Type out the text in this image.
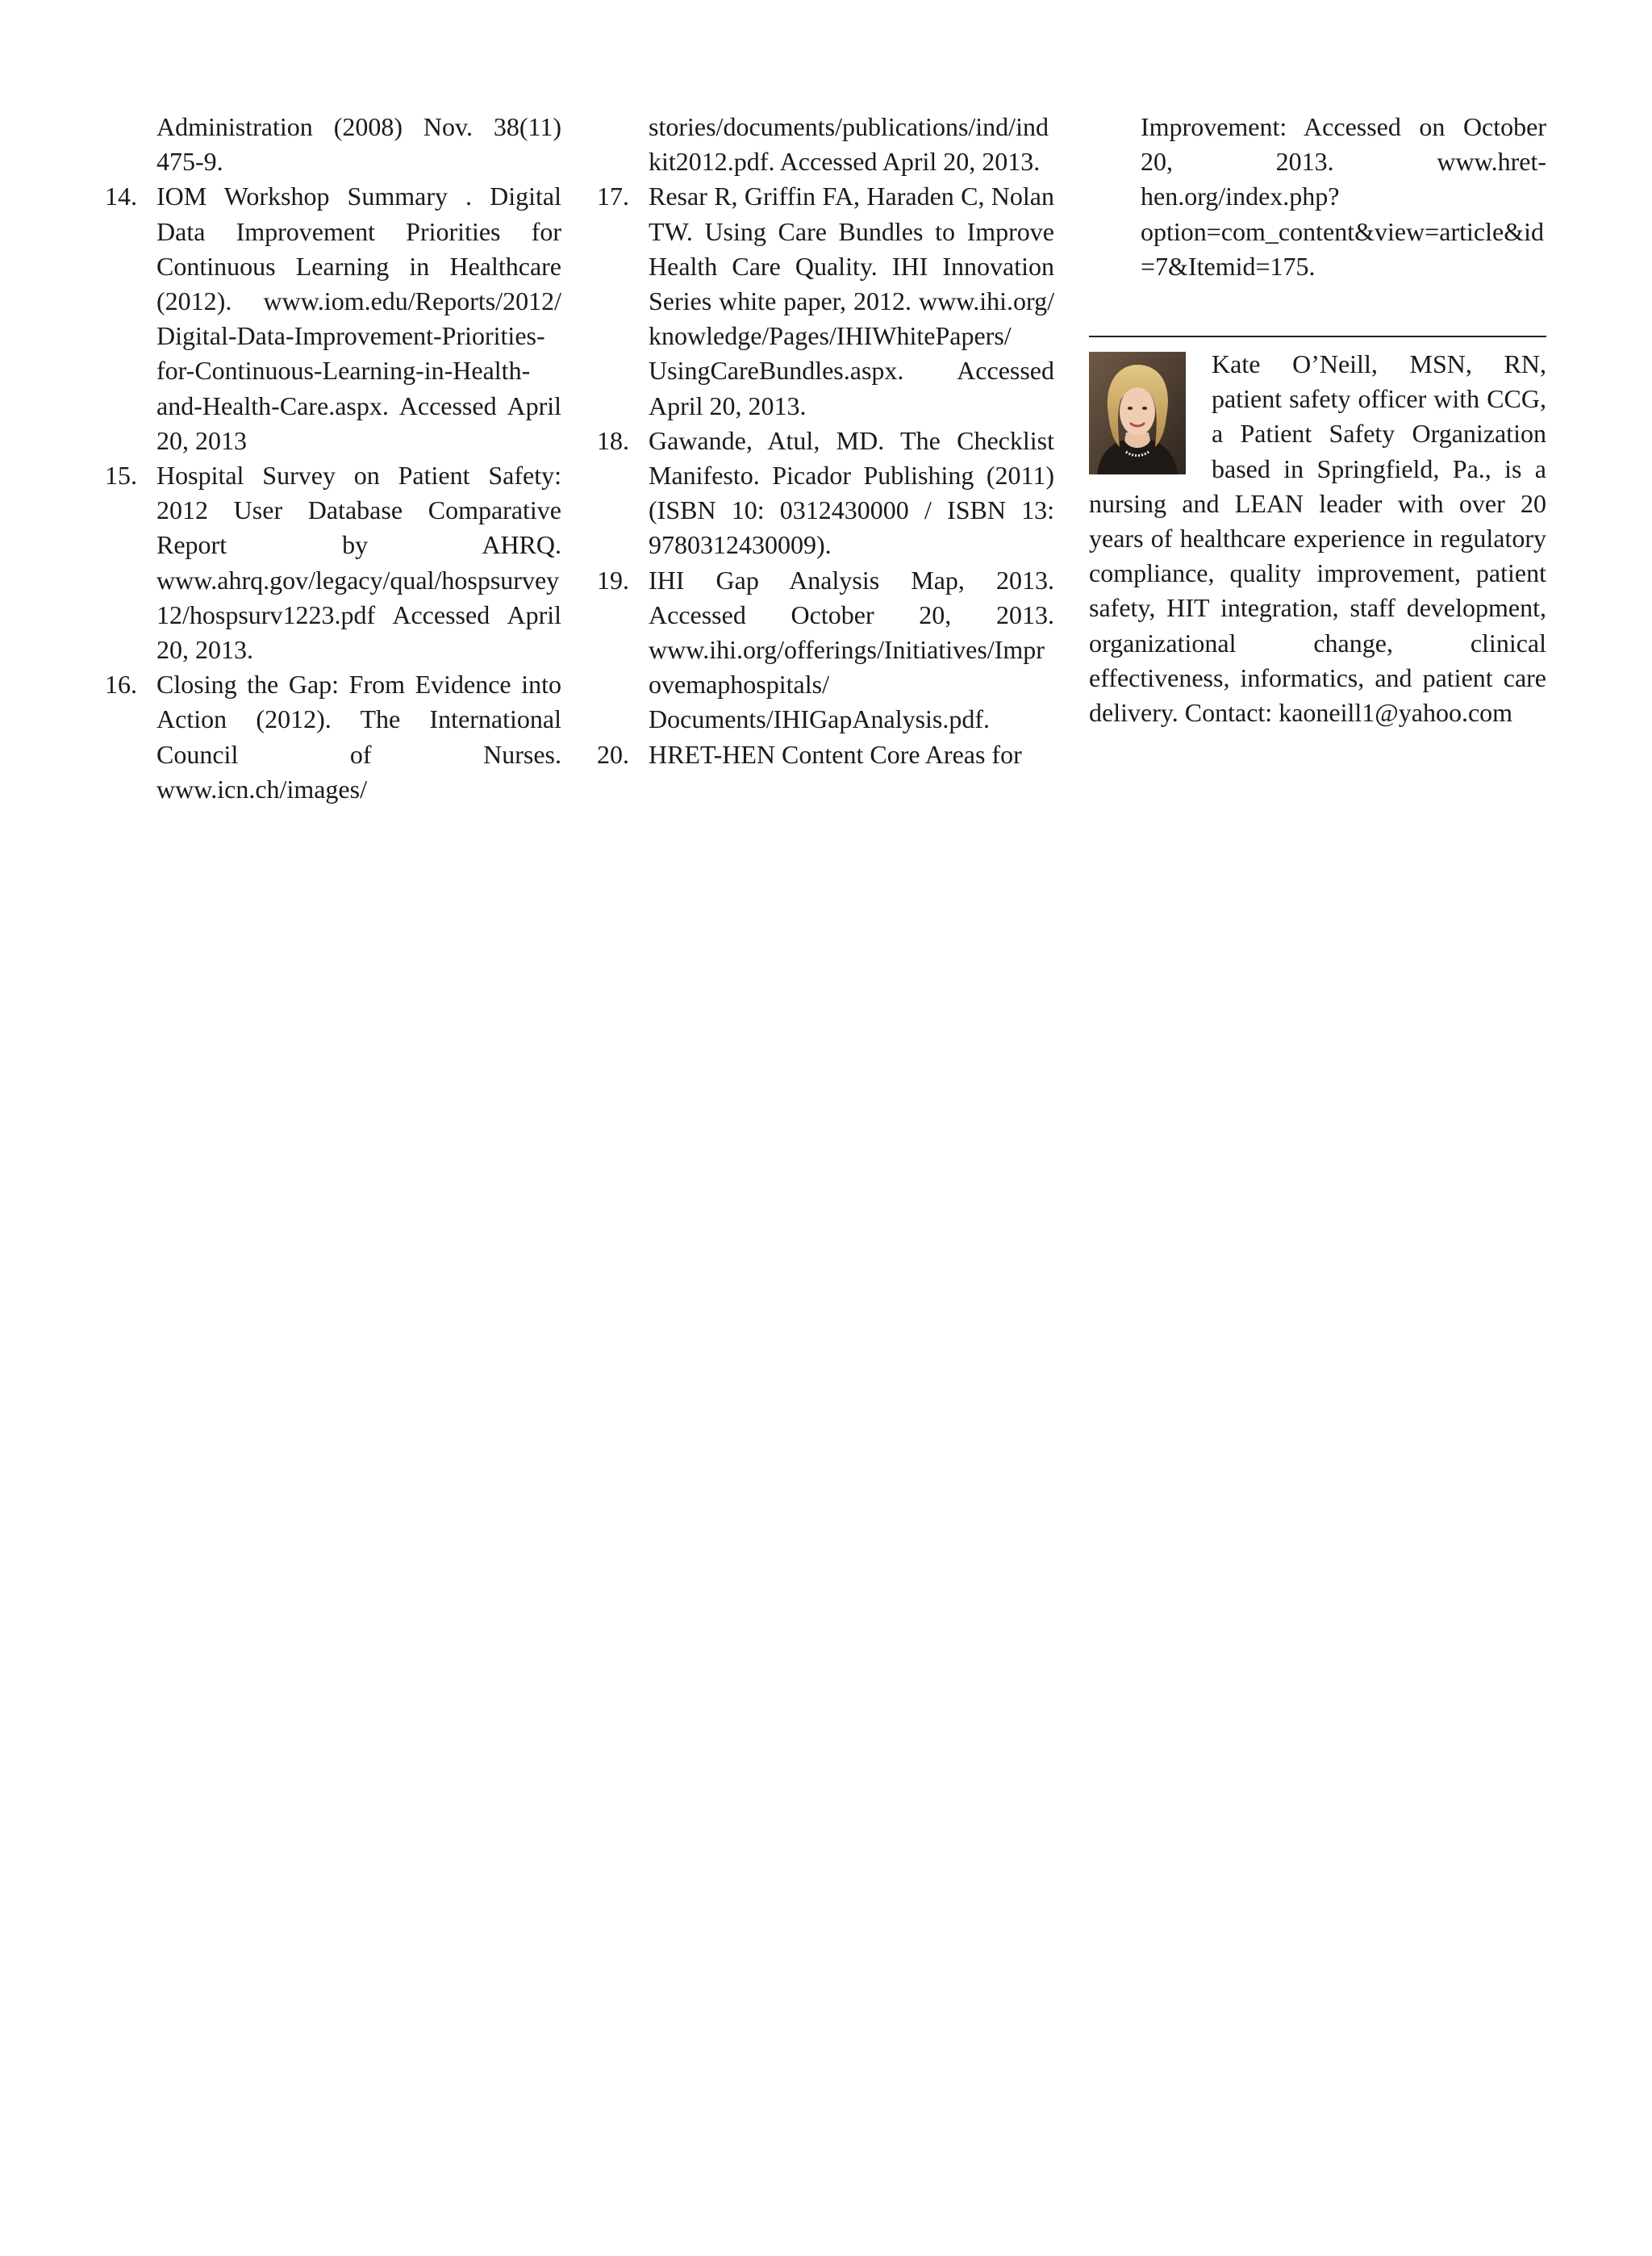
Administration (2008) Nov. 38(11) 475-9.

14. IOM Workshop Summary . Digital Data Improvement Priorities for Continuous Learning in Healthcare (2012). www.iom.edu/Reports/2012/ Digital-Data-Improvement-Priorities-for-Continuous-Learning-in-Health-and-Health-Care.aspx. Accessed April 20, 2013
15. Hospital Survey on Patient Safety: 2012 User Database Comparative Report by AHRQ. www.ahrq.gov/legacy/qual/hospsurvey12/hospsurv1223.pdf Accessed April 20, 2013.
16. Closing the Gap: From Evidence into Action (2012). The International Council of Nurses. www.icn.ch/images/

stories/documents/publications/ind/indkit2012.pdf. Accessed April 20, 2013.

17. Resar R, Griffin FA, Haraden C, Nolan TW. Using Care Bundles to Improve Health Care Quality. IHI Innovation Series white paper, 2012. www.ihi.org/ knowledge/Pages/IHIWhitePapers/ UsingCareBundles.aspx. Accessed April 20, 2013.
18. Gawande, Atul, MD. The Checklist Manifesto. Picador Publishing (2011) (ISBN 10: 0312430000 / ISBN 13: 9780312430009).
19. IHI Gap Analysis Map, 2013. Accessed October 20, 2013. www.ihi.org/offerings/Initiatives/Improvemaphospitals/ Documents/IHIGapAnalysis.pdf.
20. HRET-HEN Content Core Areas for

Improvement: Accessed on October 20, 2013. www.hret-hen.org/index.php?option=com_content&view=article&id=7&Itemid=175.

Kate O’Neill, MSN, RN, patient safety officer with CCG, a Patient Safety Organization based in Springfield, Pa., is a nursing and LEAN leader with over 20 years of healthcare experience in regulatory compliance, quality improvement, patient safety, HIT integration, staff development, organizational change, clinical effectiveness, informatics, and patient care delivery. Contact: kaoneill1@yahoo.com
